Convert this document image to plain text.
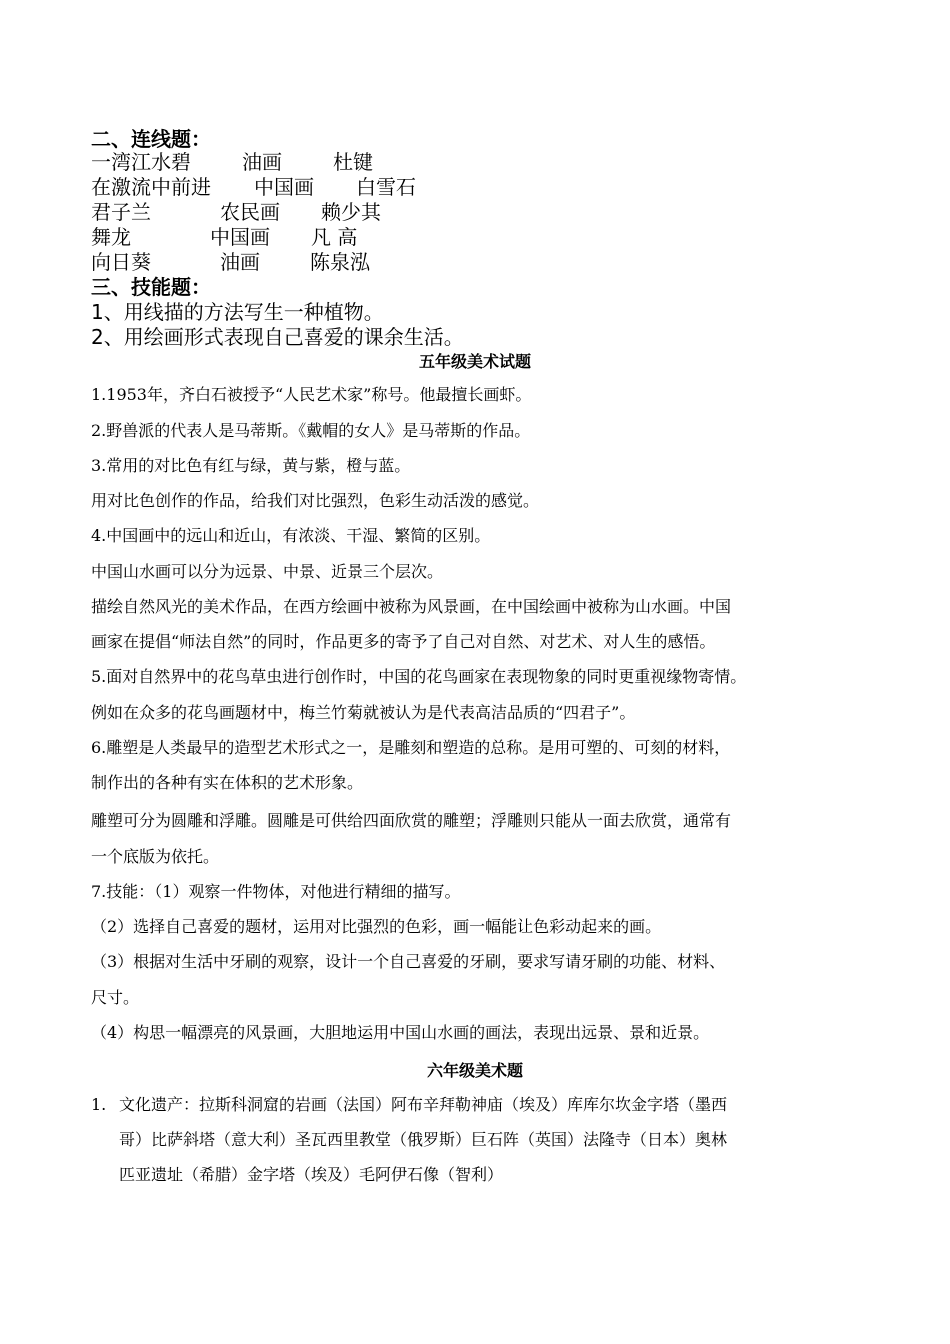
二、连线题：
一湾江水碧	油画	杜键
在激流中前进 中国画 白雪石
君子兰	农民画 赖少其
舞龙	中国画 凡 高
向日葵	油画	陈泉泓
三、技能题：
1、用线描的方法写生一种植物。
2、用绘画形式表现自己喜爱的课余生活。
五年级美术试题
1.1953年，齐白石被授予“人民艺术家”称号。他最擅长画虾。
2.野兽派的代表人是马蒂斯。《戴帽的女人》是马蒂斯的作品。
3.常用的对比色有红与绿，黄与紫，橙与蓝。
用对比色创作的作品，给我们对比强烈，色彩生动活泼的感觉。
4.中国画中的远山和近山，有浓淡、干湿、繁简的区别。
中国山水画可以分为远景、中景、近景三个层次。
描绘自然风光的美术作品，在西方绘画中被称为风景画，在中国绘画中被称为山水画。中国
画家在提倡“师法自然”的同时，作品更多的寄予了自己对自然、对艺术、对人生的感悟。
5.面对自然界中的花鸟草虫进行创作时，中国的花鸟画家在表现物象的同时更重视缘物寄情。
例如在众多的花鸟画题材中，梅兰竹菊就被认为是代表高洁品质的“四君子”。
6.雕塑是人类最早的造型艺术形式之一，是雕刻和塑造的总称。是用可塑的、可刻的材料，
制作出的各种有实在体积的艺术形象。
雕塑可分为圆雕和浮雕。圆雕是可供给四面欣赏的雕塑；浮雕则只能从一面去欣赏，通常有
一个底版为依托。
7.技能：（1）观察一件物体，对他进行精细的描写。
（2）选择自己喜爱的题材，运用对比强烈的色彩，画一幅能让色彩动起来的画。
（3）根据对生活中牙刷的观察，设计一个自己喜爱的牙刷，要求写请牙刷的功能、材料、
尺寸。
（4）构思一幅漂亮的风景画，大胆地运用中国山水画的画法，表现出远景、景和近景。
六年级美术题
1. 文化遗产：拉斯科洞窟的岩画（法国）阿布辛拜勒神庙（埃及）库库尔坎金字塔（墨西
哥）比萨斜塔（意大利）圣瓦西里教堂（俄罗斯）巨石阵（英国）法隆寺（日本）奥林
匹亚遗址（希腊）金字塔（埃及）毛阿伊石像（智利）
